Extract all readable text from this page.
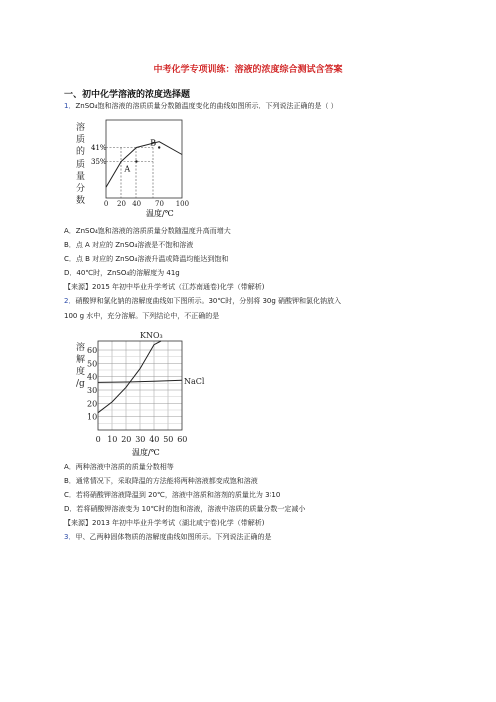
中考化学专项训练：溶液的浓度综合测试含答案
一、初中化学溶液的浓度选择题
1．ZnSO₄饱和溶液的溶质质量分数随温度变化的曲线如图所示．下列说法正确的是（ ）
溶
质
的
质
量
分
数
41%
35%
A
B
0 20 40 70 100
温度/℃
A．ZnSO₄饱和溶液的溶质质量分数随温度升高而增大
B．点 A 对应的 ZnSO₄溶液是不饱和溶液
C．点 B 对应的 ZnSO₄溶液升温或降温均能达到饱和
D．40℃时，ZnSO₄的溶解度为 41g
【来源】2015 年初中毕业升学考试（江苏南通卷)化学（带解析)
2．硝酸钾和氯化钠的溶解度曲线如下图所示。30℃时，分别将 30g 硝酸钾和氯化钠放入
100 g 水中，充分溶解。下列结论中，不正确的是
溶
解
度
/g
KNO₃
NaCl
10
20
30
40
50
60
0 10 20 30 40 50 60
温度/℃
A．两种溶液中溶质的质量分数相等
B．通常情况下，采取降温的方法能将两种溶液都变成饱和溶液
C．若将硝酸钾溶液降温到 20℃，溶液中溶质和溶剂的质量比为 3∶10
D．若将硝酸钾溶液变为 10℃时的饱和溶液，溶液中溶质的质量分数一定减小
【来源】2013 年初中毕业升学考试（湖北咸宁卷)化学（带解析)
3．甲、乙两种固体物质的溶解度曲线如图所示。下列说法正确的是
